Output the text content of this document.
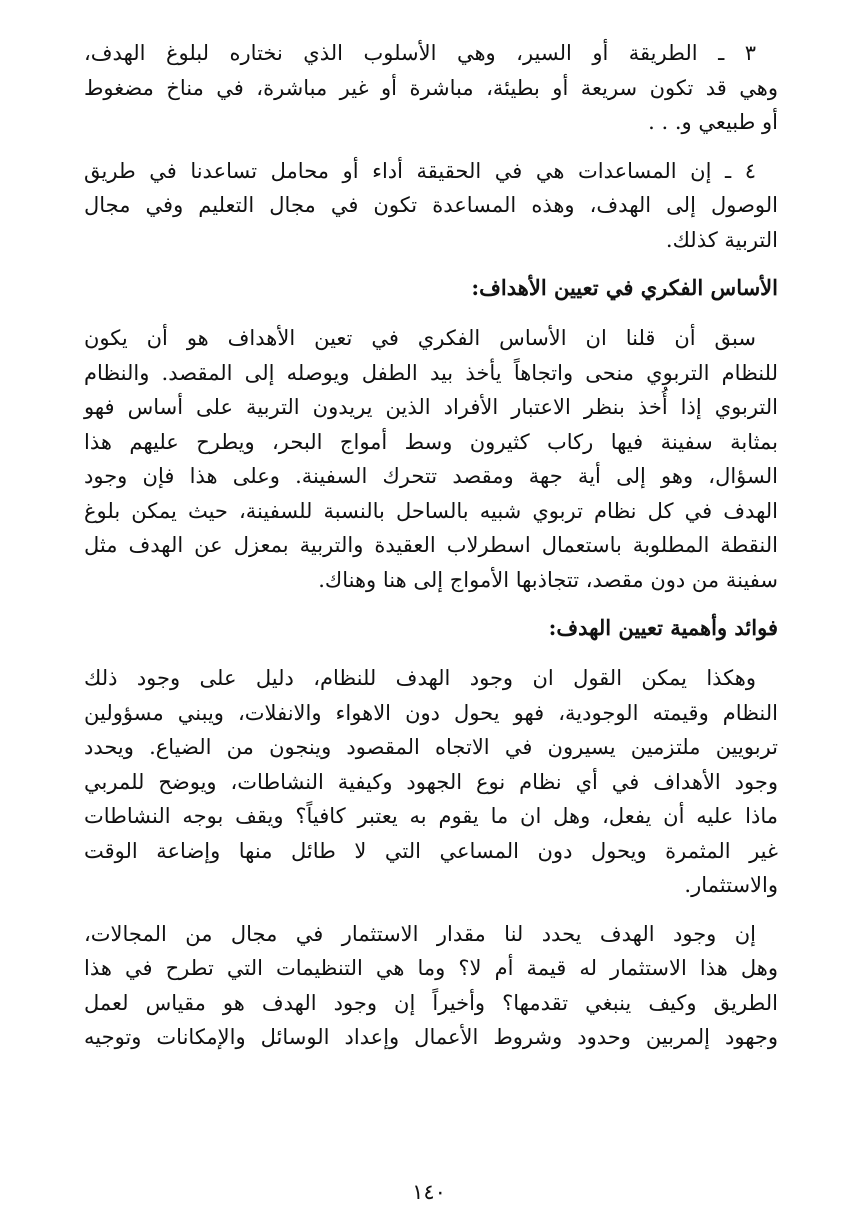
٣ ـ الطريقة أو السير، وهي الأسلوب الذي نختاره لبلوغ الهدف،
وهي قد تكون سريعة أو بطيئة، مباشرة أو غير مباشرة، في مناخ مضغوط
أو طبيعي و. . .
٤ ـ إن المساعدات هي في الحقيقة أداء أو محامل تساعدنا في طريق
الوصول إلى الهدف، وهذه المساعدة تكون في مجال التعليم وفي مجال
التربية كذلك.
الأساس الفكري في تعيين الأهداف:
سبق أن قلنا ان الأساس الفكري في تعين الأهداف هو أن يكون
للنظام التربوي منحى واتجاهاً يأخذ بيد الطفل ويوصله إلى المقصد. والنظام
التربوي إذا أُخذ بنظر الاعتبار الأفراد الذين يريدون التربية على أساس فهو
بمثابة سفينة فيها ركاب كثيرون وسط أمواج البحر، ويطرح عليهم هذا
السؤال، وهو إلى أية جهة ومقصد تتحرك السفينة. وعلى هذا فإن وجود
الهدف في كل نظام تربوي شبيه بالساحل بالنسبة للسفينة، حيث يمكن بلوغ
النقطة المطلوبة باستعمال اسطرلاب العقيدة والتربية بمعزل عن الهدف مثل
سفينة من دون مقصد، تتجاذبها الأمواج إلى هنا وهناك.
فوائد وأهمية تعيين الهدف:
وهكذا يمكن القول ان وجود الهدف للنظام، دليل على وجود ذلك
النظام وقيمته الوجودية، فهو يحول دون الاهواء والانفلات، ويبني مسؤولين
تربويين ملتزمين يسيرون في الاتجاه المقصود وينجون من الضياع. ويحدد
وجود الأهداف في أي نظام نوع الجهود وكيفية النشاطات، ويوضح للمربي
ماذا عليه أن يفعل، وهل ان ما يقوم به يعتبر كافياً؟ ويقف بوجه النشاطات
غير المثمرة ويحول دون المساعي التي لا طائل منها وإضاعة الوقت
والاستثمار.
إن وجود الهدف يحدد لنا مقدار الاستثمار في مجال من المجالات،
وهل هذا الاستثمار له قيمة أم لا؟ وما هي التنظيمات التي تطرح في هذا
الطريق وكيف ينبغي تقدمها؟ وأخيراً إن وجود الهدف هو مقياس لعمل
وجهود إلمربين وحدود وشروط الأعمال وإعداد الوسائل والإمكانات وتوجيه
١٤٠
